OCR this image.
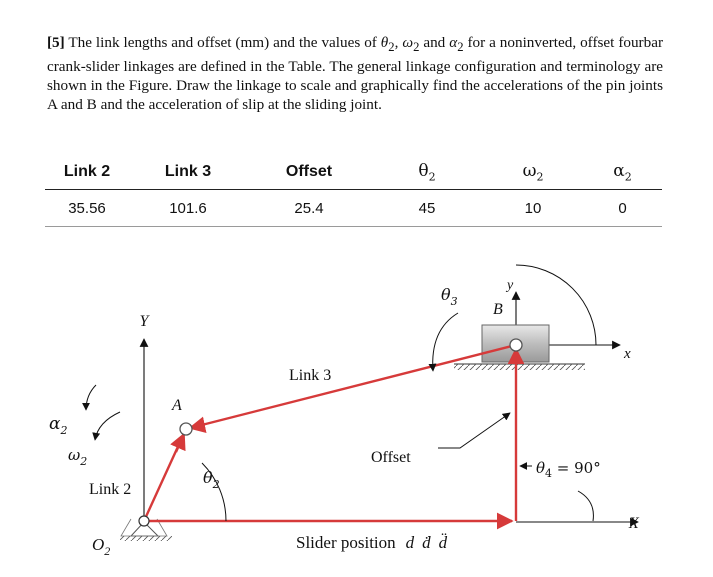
[5] The link lengths and offset (mm) and the values of $\theta_2$, $\omega_2$ and $\alpha_2$ for a noninverted, offset fourbar crank-slider linkages are defined in the Table. The general linkage configuration and terminology are shown in the Figure. Draw the linkage to scale and graphically find the accelerations of the pin joints A and B and the acceleration of slip at the sliding joint.
Link 2	Link 3	Offset	$\theta_2$	$\omega_2$	$\alpha_2$
35.56	101.6	25.4	45	10	0
Y
y
x
X
A
B
Link 3
Link 2
Offset
$\theta_3$
$\theta_2$
$\alpha_2$
$\omega_2$
$O_2$
$\theta_4 = 90^\circ$
Slider position d ḋ d̈
